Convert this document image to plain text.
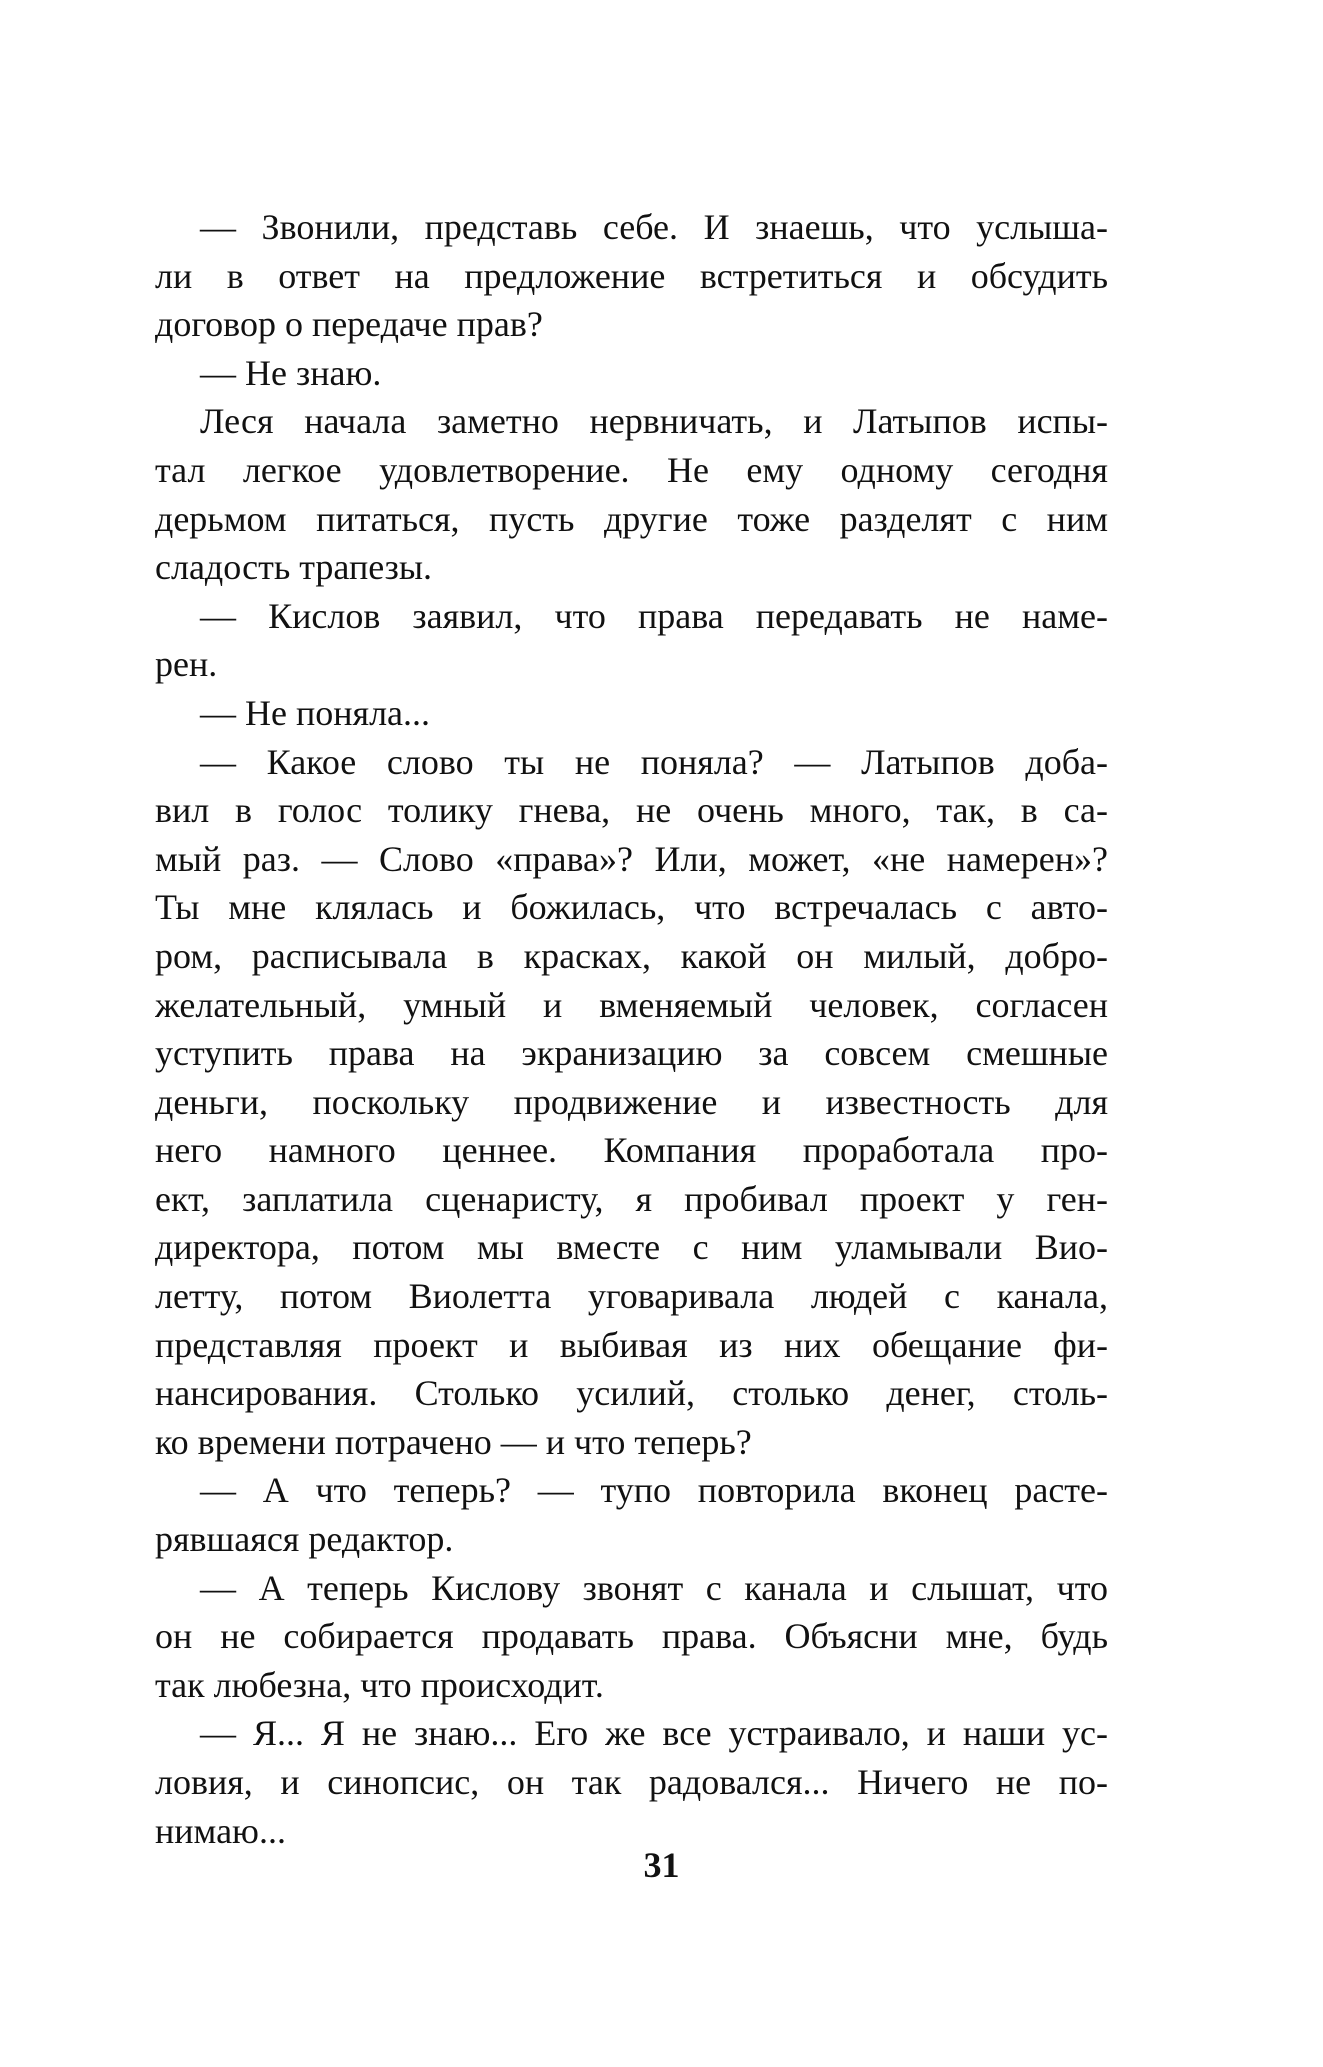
— Звонили, представь себе. И знаешь, что услыша-
ли в ответ на предложение встретиться и обсудить
договор о передаче прав?
— Не знаю.
Леся начала заметно нервничать, и Латыпов испы-
тал легкое удовлетворение. Не ему одному сегодня
дерьмом питаться, пусть другие тоже разделят с ним
сладость трапезы.
— Кислов заявил, что права передавать не наме-
рен.
— Не поняла...
— Какое слово ты не поняла? — Латыпов доба-
вил в голос толику гнева, не очень много, так, в са-
мый раз. — Слово «права»? Или, может, «не намерен»?
Ты мне клялась и божилась, что встречалась с авто-
ром, расписывала в красках, какой он милый, добро-
желательный, умный и вменяемый человек, согласен
уступить права на экранизацию за совсем смешные
деньги, поскольку продвижение и известность для
него намного ценнее. Компания проработала про-
ект, заплатила сценаристу, я пробивал проект у ген-
директора, потом мы вместе с ним уламывали Вио-
летту, потом Виолетта уговаривала людей с канала,
представляя проект и выбивая из них обещание фи-
нансирования. Столько усилий, столько денег, столь-
ко времени потрачено — и что теперь?
— А что теперь? — тупо повторила вконец расте-
рявшаяся редактор.
— А теперь Кислову звонят с канала и слышат, что
он не собирается продавать права. Объясни мне, будь
так любезна, что происходит.
— Я... Я не знаю... Его же все устраивало, и наши ус-
ловия, и синопсис, он так радовался... Ничего не по-
нимаю...
31
